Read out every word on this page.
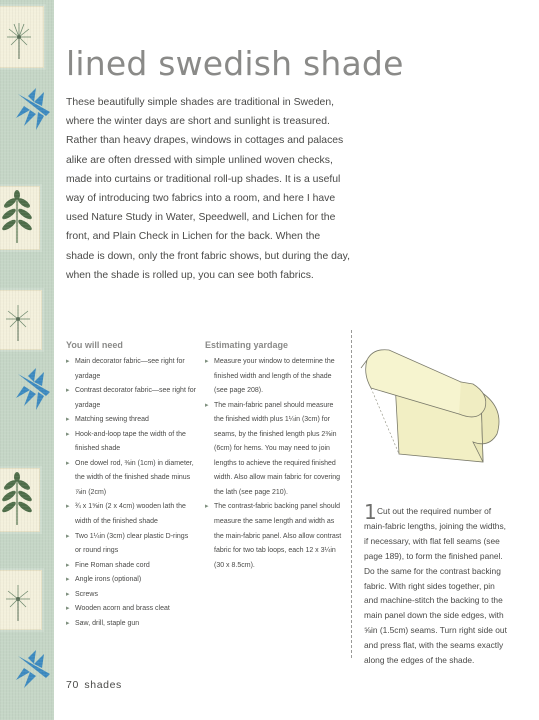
lined swedish shade

These beautifully simple shades are traditional in Sweden, where the winter days are short and sunlight is treasured. Rather than heavy drapes, windows in cottages and palaces alike are often dressed with simple unlined woven checks, made into curtains or traditional roll-up shades. It is a useful way of introducing two fabrics into a room, and here I have used Nature Study in Water, Speedwell, and Lichen for the front, and Plain Check in Lichen for the back. When the shade is down, only the front fabric shows, but during the day, when the shade is rolled up, you can see both fabrics.

You will need
▸ Main decorator fabric—see right for
yardage
▸ Contrast decorator fabric—see right for
yardage
▸ Matching sewing thread
▸ Hook-and-loop tape the width of the
finished shade
▸ One dowel rod, ⅜in (1cm) in diameter,
the width of the finished shade minus
⅞in (2cm)
▸ ¾ x 1⅝in (2 x 4cm) wooden lath the
width of the finished shade
▸ Two 1¼in (3cm) clear plastic D-rings
or round rings
▸ Fine Roman shade cord
▸ Angle irons (optional)
▸ Screws
▸ Wooden acorn and brass cleat
▸ Saw, drill, staple gun
Estimating yardage
▸ Measure your window to determine the
finished width and length of the shade
(see page 208).
▸ The main-fabric panel should measure
the finished width plus 1¼in (3cm) for
seams, by the finished length plus 2⅜in
(6cm) for hems. You may need to join
lengths to achieve the required finished
width. Also allow main fabric for covering
the lath (see page 210).
▸ The contrast-fabric backing panel should
measure the same length and width as
the main-fabric panel. Also allow contrast
fabric for two tab loops, each 12 x 3¼in
(30 x 8.5cm).
1 Cut out the required number of main-fabric lengths, joining the widths, if necessary, with flat fell seams (see page 189), to form the finished panel. Do the same for the contrast backing fabric. With right sides together, pin and machine-stitch the backing to the main panel down the side edges, with ⅝in (1.5cm) seams. Turn right side out and press flat, with the seams exactly along the edges of the shade.

70 shades
